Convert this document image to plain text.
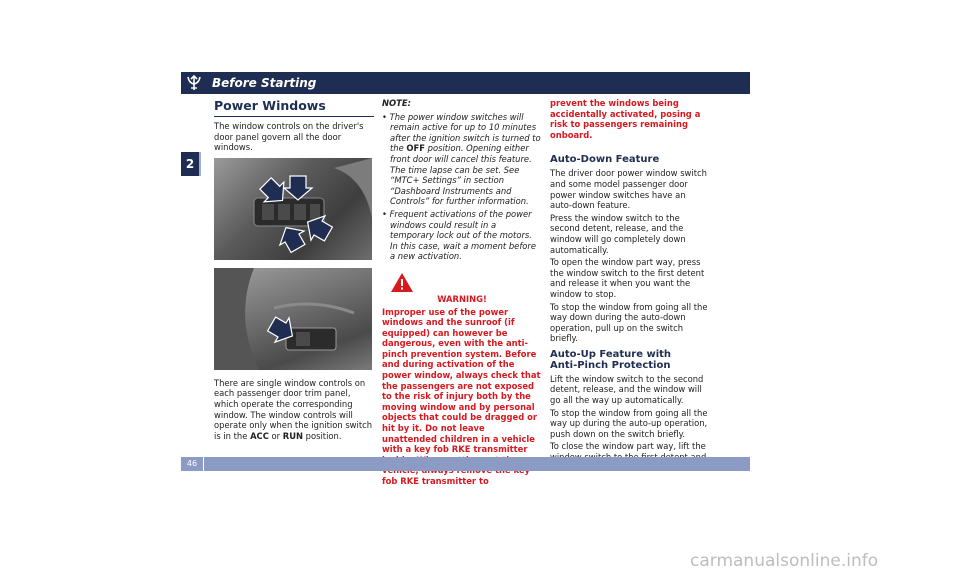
Before Starting
2
Power Windows

The window controls on the driver's door panel govern all the door windows.

There are single window controls on each passenger door trim panel, which operate the corresponding window. The window controls will operate only when the ignition switch is in the ACC or RUN position.

NOTE:
• The power window switches will remain active for up to 10 minutes after the ignition switch is turned to the OFF position. Opening either front door will cancel this feature. The time lapse can be set. See “MTC+ Settings” in section “Dashboard Instruments and Controls” for further information.
• Frequent activations of the power windows could result in a temporary lock out of the motors. In this case, wait a moment before a new activation.
WARNING!

Improper use of the power windows and the sunroof (if equipped) can however be dangerous, even with the anti-pinch prevention system. Before and during activation of the power window, always check that the passengers are not exposed to the risk of injury both by the moving window and by personal objects that could be dragged or hit by it. Do not leave unattended children in a vehicle with a key fob RKE transmitter fob RKE transmitter to

prevent the windows being accidentally activated, posing a risk to passengers remaining onboard.

Auto-Down Feature

The driver door power window switch and some model passenger door power window switches have an auto-down feature.

Press the window switch to the second detent, release, and the window will go completely down automatically.

To open the window part way, press the window switch to the first detent and release it when you want the window to stop.

To stop the window from going all the way down during the auto-down operation, pull up on the switch briefly.

Auto-Up Feature with
Anti-Pinch Protection

Lift the window switch to the second detent, release, and the window will go all the way up automatically.

To stop the window from going all the way up during the auto-up operation, push down on the switch briefly.

To close the window part way, lift the

46
carmanualsonline.info
